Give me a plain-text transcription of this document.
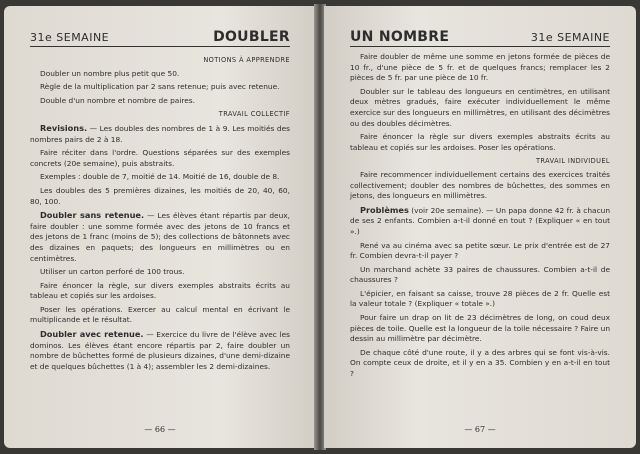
31e SEMAINE	DOUBLER
NOTIONS À APPRENDRE

Doubler un nombre plus petit que 50.

Règle de la multiplication par 2 sans retenue; puis avec retenue.

Double d'un nombre et nombre de paires.

TRAVAIL COLLECTIF

Revisions. — Les doubles des nombres de 1 à 9. Les moitiés des nombres pairs de 2 à 18.

Faire réciter dans l'ordre. Questions séparées sur des exemples concrets (20e semaine), puis abstraits.

Exemples : double de 7, moitié de 14. Moitié de 16, double de 8.

Les doubles des 5 premières dizaines, les moitiés de 20, 40, 60, 80, 100.

Doubler sans retenue. — Les élèves étant répartis par deux, faire doubler : une somme formée avec des jetons de 10 francs et des jetons de 1 franc (moins de 5); des collections de bâtonnets avec des dizaines en paquets; des longueurs en millimètres ou en centimètres.

Utiliser un carton perforé de 100 trous.

Faire énoncer la règle, sur divers exemples abstraits écrits au tableau et copiés sur les ardoises.

Poser les opérations. Exercer au calcul mental en écrivant le multiplicande et le résultat.

Doubler avec retenue. — Exercice du livre de l'élève avec les dominos. Les élèves étant encore répartis par 2, faire doubler un nombre de bûchettes formé de plusieurs dizaines, d'une demi-dizaine et de quelques bûchettes (1 à 4); assembler les 2 demi-dizaines.

— 66 —
UN NOMBRE	31e SEMAINE

Faire doubler de même une somme en jetons formée de pièces de 10 fr., d'une pièce de 5 fr. et de quelques francs; remplacer les 2 pièces de 5 fr. par une pièce de 10 fr.

Doubler sur le tableau des longueurs en centimètres, en utilisant deux mètres gradués, faire exécuter individuellement le même exercice sur des longueurs en millimètres, en utilisant des décimètres ou des doubles décimètres.

Faire énoncer la règle sur divers exemples abstraits écrits au tableau et copiés sur les ardoises. Poser les opérations.

TRAVAIL INDIVIDUEL

Faire recommencer individuellement certains des exercices traités collectivement; doubler des nombres de bûchettes, des sommes en jetons, des longueurs en millimètres.

Problèmes (voir 20e semaine). — Un papa donne 42 fr. à chacun de ses 2 enfants. Combien a-t-il donné en tout ? (Expliquer « en tout ».)

René va au cinéma avec sa petite sœur. Le prix d'entrée est de 27 fr. Combien devra-t-il payer ?

Un marchand achète 33 paires de chaussures. Combien a-t-il de chaussures ?

L'épicier, en faisant sa caisse, trouve 28 pièces de 2 fr. Quelle est la valeur totale ? (Expliquer « totale ».)

Pour faire un drap on lit de 23 décimètres de long, on coud deux pièces de toile. Quelle est la longueur de la toile nécessaire ? Faire un dessin au millimètre par décimètre.

De chaque côté d'une route, il y a des arbres qui se font vis-à-vis. On compte ceux de droite, et il y en a 35. Combien y en a-t-il en tout ?

— 67 —
